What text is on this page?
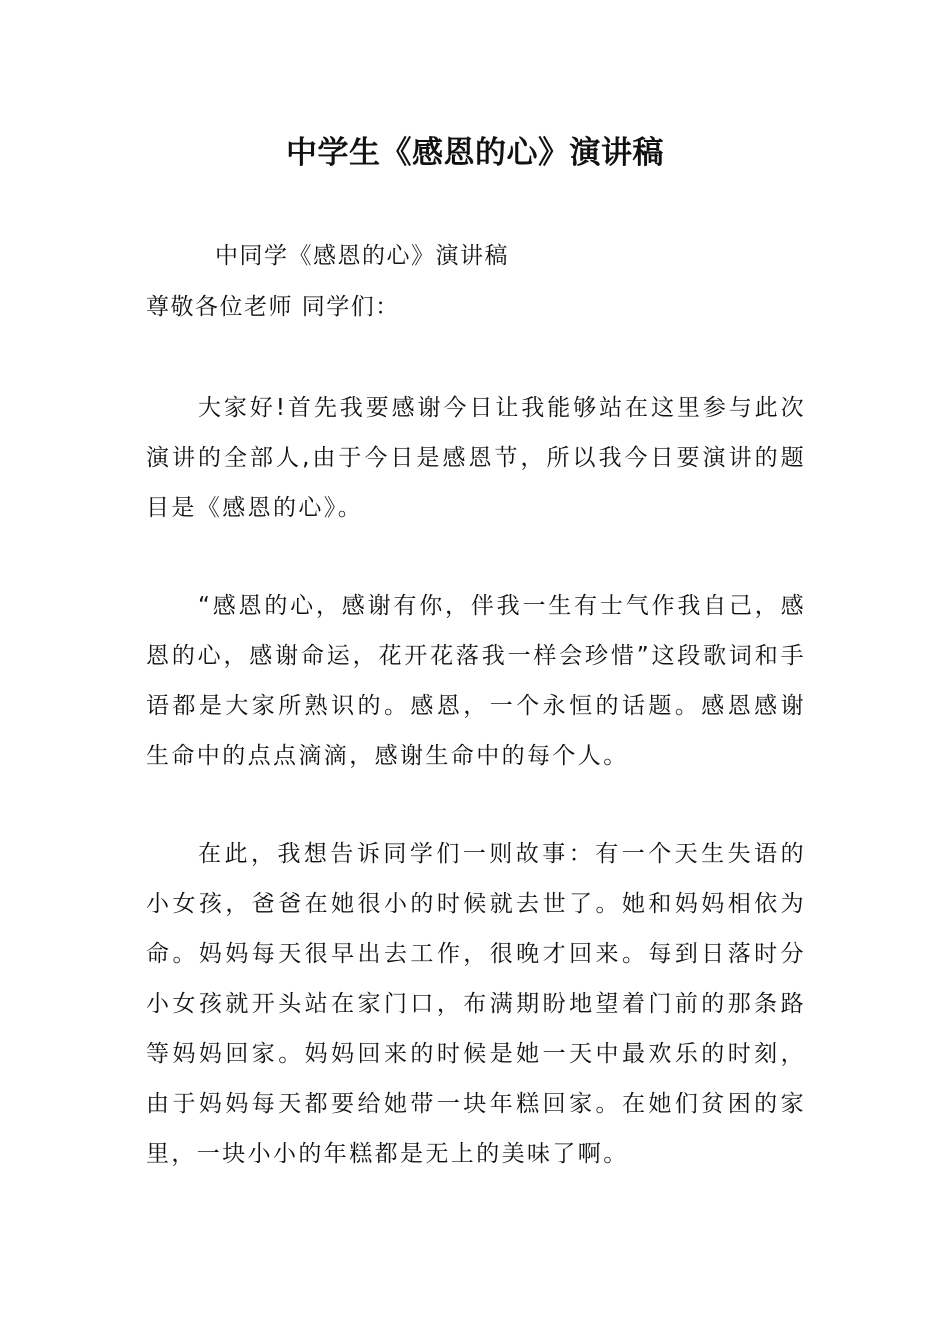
中学生《感恩的心》演讲稿
中同学《感恩的心》演讲稿
尊敬各位老师 同学们：

大家好!首先我要感谢今日让我能够站在这里参与此次演讲的全部人,由于今日是感恩节，所以我今日要演讲的题目是《感恩的心》。

“感恩的心，感谢有你，伴我一生有士气作我自己，感恩的心，感谢命运，花开花落我一样会珍惜”这段歌词和手语都是大家所熟识的。感恩，一个永恒的话题。感恩感谢生命中的点点滴滴，感谢生命中的每个人。

在此，我想告诉同学们一则故事：有一个天生失语的小女孩，爸爸在她很小的时候就去世了。她和妈妈相依为命。妈妈每天很早出去工作，很晚才回来。每到日落时分小女孩就开头站在家门口，布满期盼地望着门前的那条路等妈妈回家。妈妈回来的时候是她一天中最欢乐的时刻，由于妈妈每天都要给她带一块年糕回家。在她们贫困的家里，一块小小的年糕都是无上的美味了啊。
